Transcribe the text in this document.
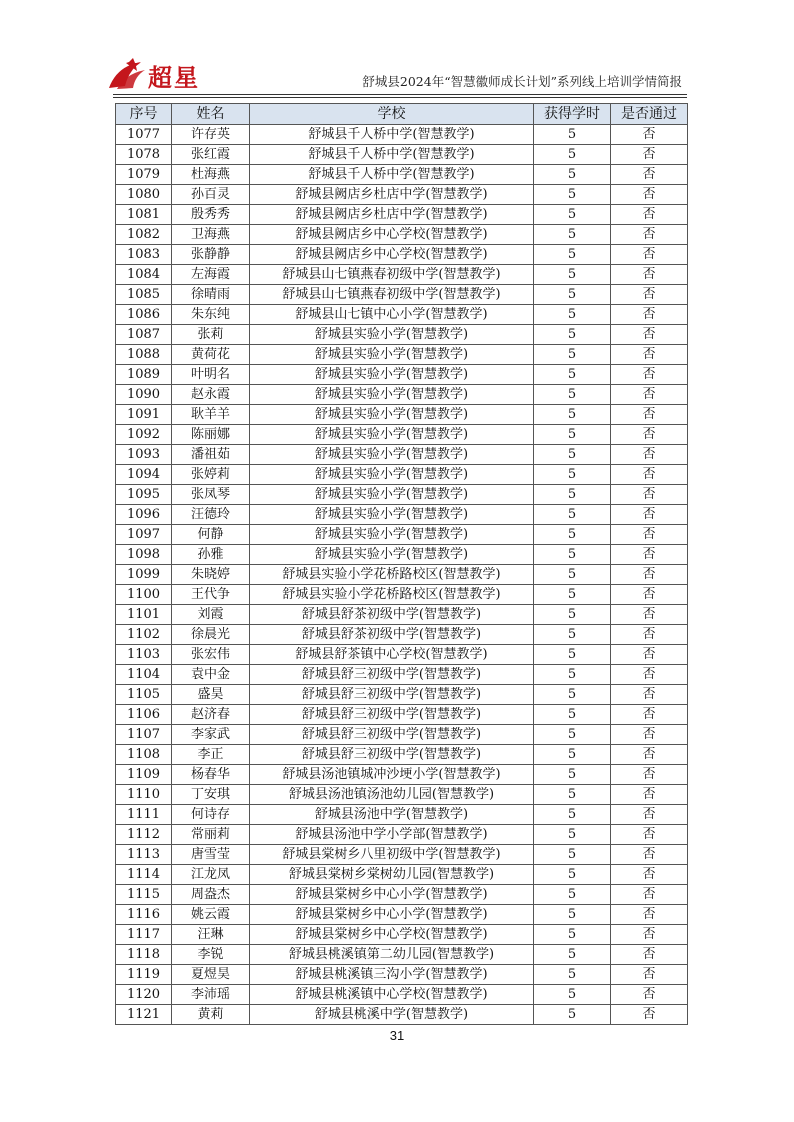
超星	舒城县2024年“智慧徽师成长计划”系列线上培训学情简报
序号	姓名	学校	获得学时	是否通过
1077	许存英	舒城县千人桥中学(智慧教学)	5	否
1078	张红霞	舒城县千人桥中学(智慧教学)	5	否
1079	杜海燕	舒城县千人桥中学(智慧教学)	5	否
1080	孙百灵	舒城县阙店乡杜店中学(智慧教学)	5	否
1081	殷秀秀	舒城县阙店乡杜店中学(智慧教学)	5	否
1082	卫海燕	舒城县阙店乡中心学校(智慧教学)	5	否
1083	张静静	舒城县阙店乡中心学校(智慧教学)	5	否
1084	左海霞	舒城县山七镇燕春初级中学(智慧教学)	5	否
1085	徐晴雨	舒城县山七镇燕春初级中学(智慧教学)	5	否
1086	朱东纯	舒城县山七镇中心小学(智慧教学)	5	否
1087	张莉	舒城县实验小学(智慧教学)	5	否
1088	黄荷花	舒城县实验小学(智慧教学)	5	否
1089	叶明名	舒城县实验小学(智慧教学)	5	否
1090	赵永霞	舒城县实验小学(智慧教学)	5	否
1091	耿羊羊	舒城县实验小学(智慧教学)	5	否
1092	陈丽娜	舒城县实验小学(智慧教学)	5	否
1093	潘祖茹	舒城县实验小学(智慧教学)	5	否
1094	张婷莉	舒城县实验小学(智慧教学)	5	否
1095	张凤琴	舒城县实验小学(智慧教学)	5	否
1096	汪德玲	舒城县实验小学(智慧教学)	5	否
1097	何静	舒城县实验小学(智慧教学)	5	否
1098	孙雅	舒城县实验小学(智慧教学)	5	否
1099	朱晓婷	舒城县实验小学花桥路校区(智慧教学)	5	否
1100	王代争	舒城县实验小学花桥路校区(智慧教学)	5	否
1101	刘霞	舒城县舒茶初级中学(智慧教学)	5	否
1102	徐晨光	舒城县舒茶初级中学(智慧教学)	5	否
1103	张宏伟	舒城县舒茶镇中心学校(智慧教学)	5	否
1104	袁中金	舒城县舒三初级中学(智慧教学)	5	否
1105	盛昊	舒城县舒三初级中学(智慧教学)	5	否
1106	赵济春	舒城县舒三初级中学(智慧教学)	5	否
1107	李家武	舒城县舒三初级中学(智慧教学)	5	否
1108	李正	舒城县舒三初级中学(智慧教学)	5	否
1109	杨春华	舒城县汤池镇城冲沙埂小学(智慧教学)	5	否
1110	丁安琪	舒城县汤池镇汤池幼儿园(智慧教学)	5	否
1111	何诗存	舒城县汤池中学(智慧教学)	5	否
1112	常丽莉	舒城县汤池中学小学部(智慧教学)	5	否
1113	唐雪莹	舒城县棠树乡八里初级中学(智慧教学)	5	否
1114	江龙凤	舒城县棠树乡棠树幼儿园(智慧教学)	5	否
1115	周盎杰	舒城县棠树乡中心小学(智慧教学)	5	否
1116	姚云霞	舒城县棠树乡中心小学(智慧教学)	5	否
1117	汪琳	舒城县棠树乡中心学校(智慧教学)	5	否
1118	李锐	舒城县桃溪镇第二幼儿园(智慧教学)	5	否
1119	夏煜昊	舒城县桃溪镇三沟小学(智慧教学)	5	否
1120	李沛瑶	舒城县桃溪镇中心学校(智慧教学)	5	否
1121	黄莉	舒城县桃溪中学(智慧教学)	5	否
31
